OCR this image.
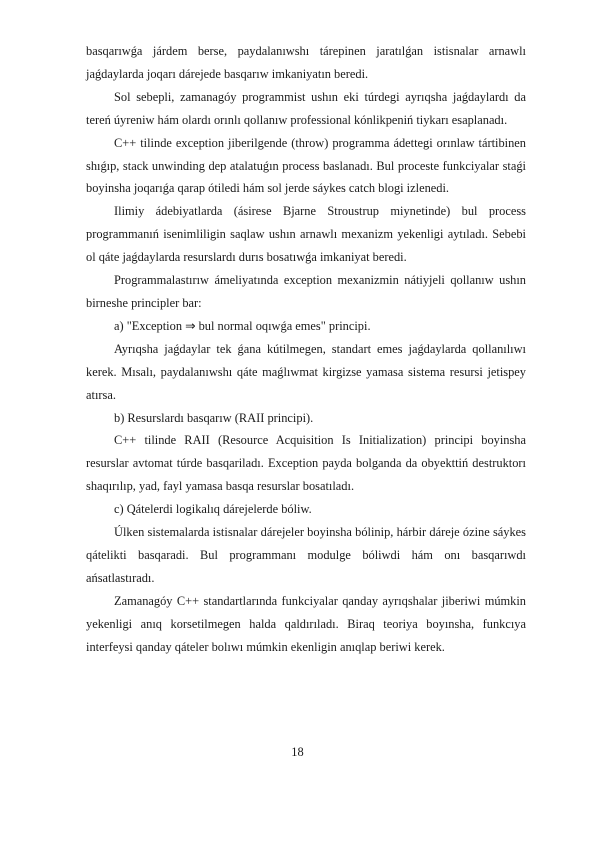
basqarıwǵa járdem berse, paydalanıwshı tárepinen jaratılǵan istisnalar arnawlı jaǵdaylarda joqarı dárejede basqarıw imkaniyatın beredi.

Sol sebepli, zamanagóy programmist ushın eki túrdegi ayrıqsha jaǵdaylardı da tereń úyreniw hám olardı orınlı qollanıw professional kónlikpeniń tiykarı esaplanadı.

C++ tilinde exception jiberilgende (throw) programma ádettegi orınlaw tártibinen shıǵıp, stack unwinding dep atalatuǵın process baslanadı. Bul proceste funkciyalar staǵi boyinsha joqarıǵa qarap ótiledi hám sol jerde sáykes catch blogi izlenedi.

Ilimiy ádebiyatlarda (ásirese Bjarne Stroustrup miynetinde) bul process programmanıń isenimliligin saqlaw ushın arnawlı mexanizm yekenligi aytıladı. Sebebi ol qáte jaǵdaylarda resurslardı durıs bosatıwǵa imkaniyat beredi.

Programmalastırıw ámeliyatında exception mexanizmin nátiyjeli qollanıw ushın birneshe principler bar:

a) "Exception ⇒ bul normal oqıwǵa emes" principi.

Ayrıqsha jaǵdaylar tek ǵana kútilmegen, standart emes jaǵdaylarda qollanılıwı kerek. Mısalı, paydalanıwshı qáte maǵlıwmat kirgizse yamasa sistema resursi jetispey atırsa.

b) Resurslardı basqarıw (RAII principi).

C++ tilinde RAII (Resource Acquisition Is Initialization) principi boyinsha resurslar avtomat túrde basqariladı. Exception payda bolganda da obyekttiń destruktorı shaqırılıp, yad, fayl yamasa basqa resurslar bosatıladı.

c) Qátelerdi logikalıq dárejelerde bóliw.

Úlken sistemalarda istisnalar dárejeler boyinsha bólinip, hárbir dáreje ózine sáykes qátelikti basqaradi. Bul programmanı modulge bóliwdi hám onı basqarıwdı ańsatlastıradı.

Zamanagóy C++ standartlarında funkciyalar qanday ayrıqshalar jiberiwi múmkin yekenligi anıq korsetilmegen halda qaldırıladı. Biraq teoriya boyınsha, funkcıya interfeysi qanday qáteler bolıwı múmkin ekenligin anıqlap beriwi kerek.

18
